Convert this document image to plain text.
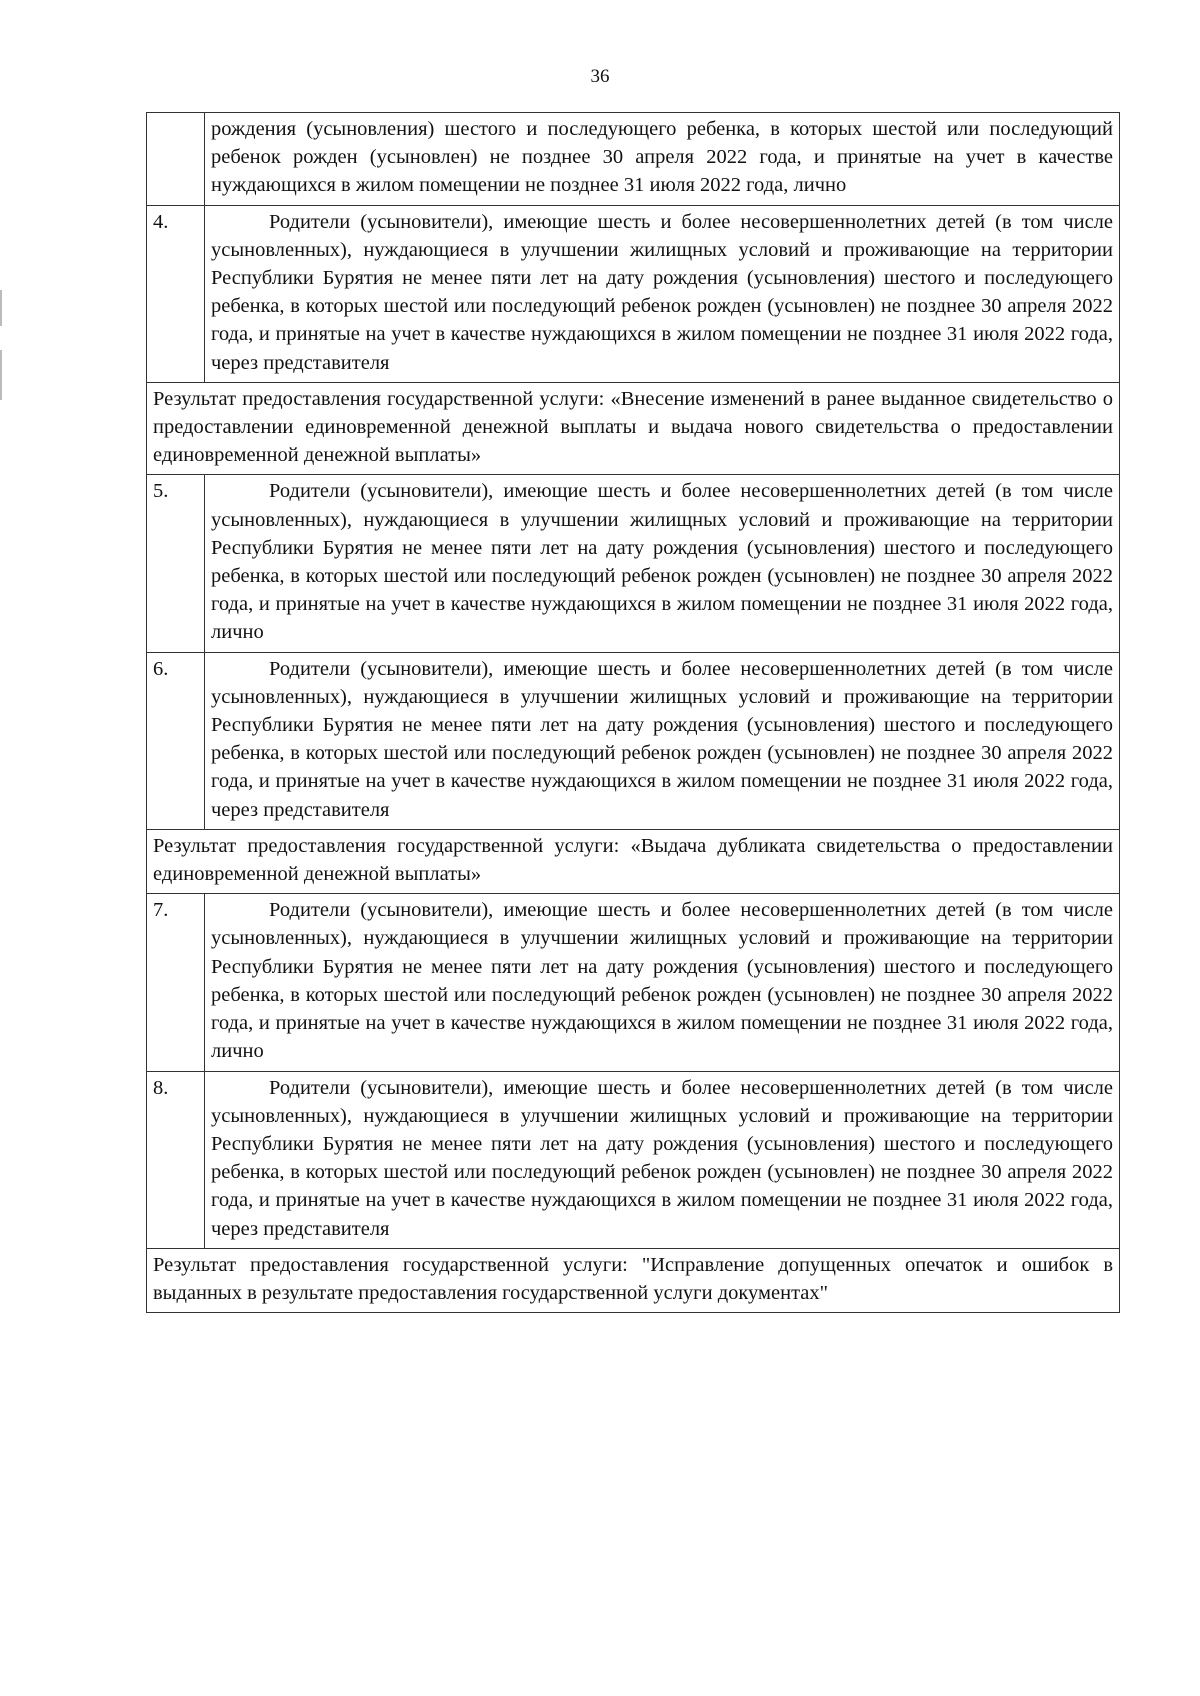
36
	рождения (усыновления) шестого и последующего ребенка, в которых шестой или последующий ребенок рожден (усыновлен) не позднее 30 апреля 2022 года, и принятые на учет в качестве нуждающихся в жилом помещении не позднее 31 июля 2022 года, лично
4.	Родители (усыновители), имеющие шесть и более несовершеннолетних детей (в том числе усыновленных), нуждающиеся в улучшении жилищных условий и проживающие на территории Республики Бурятия не менее пяти лет на дату рождения (усыновления) шестого и последующего ребенка, в которых шестой или последующий ребенок рожден (усыновлен) не позднее 30 апреля 2022 года, и принятые на учет в качестве нуждающихся в жилом помещении не позднее 31 июля 2022 года, через представителя
Результат предоставления государственной услуги: «Внесение изменений в ранее выданное свидетельство о предоставлении единовременной денежной выплаты и выдача нового свидетельства о предоставлении единовременной денежной выплаты»	
5.	Родители (усыновители), имеющие шесть и более несовершеннолетних детей (в том числе усыновленных), нуждающиеся в улучшении жилищных условий и проживающие на территории Республики Бурятия не менее пяти лет на дату рождения (усыновления) шестого и последующего ребенка, в которых шестой или последующий ребенок рожден (усыновлен) не позднее 30 апреля 2022 года, и принятые на учет в качестве нуждающихся в жилом помещении не позднее 31 июля 2022 года, лично
6.	Родители (усыновители), имеющие шесть и более несовершеннолетних детей (в том числе усыновленных), нуждающиеся в улучшении жилищных условий и проживающие на территории Республики Бурятия не менее пяти лет на дату рождения (усыновления) шестого и последующего ребенка, в которых шестой или последующий ребенок рожден (усыновлен) не позднее 30 апреля 2022 года, и принятые на учет в качестве нуждающихся в жилом помещении не позднее 31 июля 2022 года, через представителя
Результат предоставления государственной услуги: «Выдача дубликата свидетельства о предоставлении единовременной денежной выплаты»	
7.	Родители (усыновители), имеющие шесть и более несовершеннолетних детей (в том числе усыновленных), нуждающиеся в улучшении жилищных условий и проживающие на территории Республики Бурятия не менее пяти лет на дату рождения (усыновления) шестого и последующего ребенка, в которых шестой или последующий ребенок рожден (усыновлен) не позднее 30 апреля 2022 года, и принятые на учет в качестве нуждающихся в жилом помещении не позднее 31 июля 2022 года, лично
8.	Родители (усыновители), имеющие шесть и более несовершеннолетних детей (в том числе усыновленных), нуждающиеся в улучшении жилищных условий и проживающие на территории Республики Бурятия не менее пяти лет на дату рождения (усыновления) шестого и последующего ребенка, в которых шестой или последующий ребенок рожден (усыновлен) не позднее 30 апреля 2022 года, и принятые на учет в качестве нуждающихся в жилом помещении не позднее 31 июля 2022 года, через представителя
Результат предоставления государственной услуги: "Исправление допущенных опечаток и ошибок в выданных в результате предоставления государственной услуги документах"	
